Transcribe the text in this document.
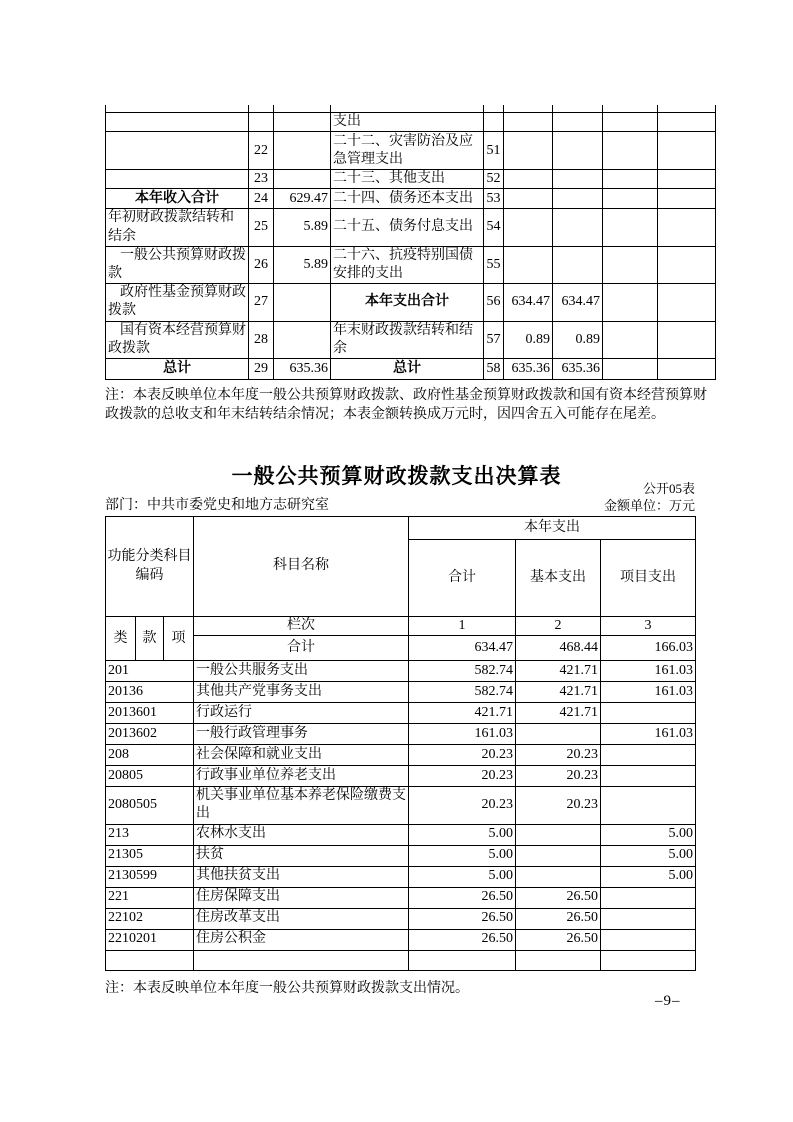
			支出					
	22		二十二、灾害防治及应急管理支出	51				
	23		二十三、其他支出	52				
本年收入合计	24	629.47	二十四、债务还本支出	53				
年初财政拨款结转和结余	25	5.89	二十五、债务付息支出	54				
一般公共预算财政拨款	26	5.89	二十六、抗疫特别国债安排的支出	55				
政府性基金预算财政拨款	27		本年支出合计	56	634.47	634.47		
国有资本经营预算财政拨款	28		年末财政拨款结转和结余	57	0.89	0.89		
总计	29	635.36	总计	58	635.36	635.36		

注：本表反映单位本年度一般公共预算财政拨款、政府性基金预算财政拨款和国有资本经营预算财政拨款的总收支和年末结转结余情况；本表金额转换成万元时，因四舍五入可能存在尾差。

一般公共预算财政拨款支出决算表
公开05表
部门：中共市委党史和地方志研究室	金额单位：万元
功能分类科目编码			科目名称	本年支出		
				合计	基本支出	项目支出
类	款	项	栏次	1	2	3
			合计	634.47	468.44	166.03
201			一般公共服务支出	582.74	421.71	161.03
20136			其他共产党事务支出	582.74	421.71	161.03
2013601			行政运行	421.71	421.71	
2013602			一般行政管理事务	161.03		161.03
208			社会保障和就业支出	20.23	20.23	
20805			行政事业单位养老支出	20.23	20.23	
2080505			机关事业单位基本养老保险缴费支出	20.23	20.23	
213			农林水支出	5.00		5.00
21305			扶贫	5.00		5.00
2130599			其他扶贫支出	5.00		5.00
221			住房保障支出	26.50	26.50	
22102			住房改革支出	26.50	26.50	
2210201			住房公积金	26.50	26.50	

注：本表反映单位本年度一般公共预算财政拨款支出情况。

–9–
